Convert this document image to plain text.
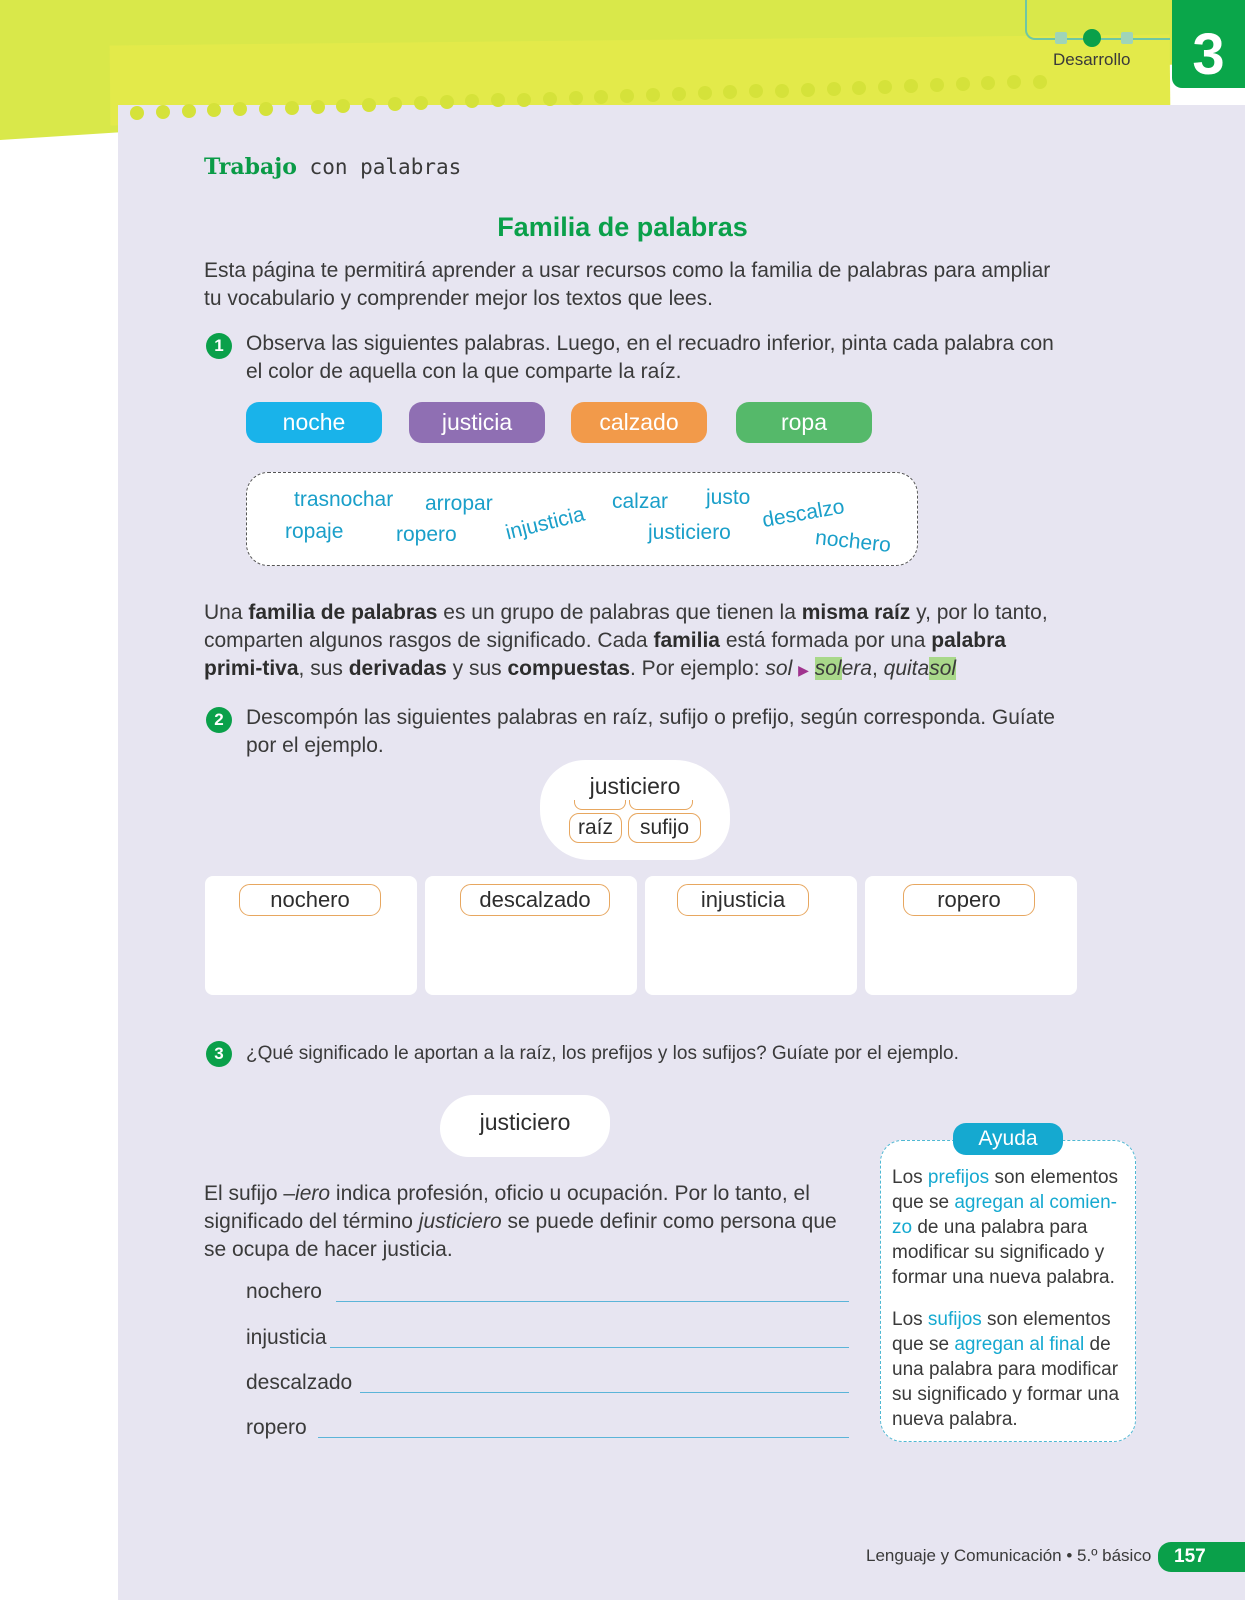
Desarrollo	3
Trabajo con palabras
Familia de palabras
Esta página te permitirá aprender a usar recursos como la familia de palabras para ampliar tu vocabulario y comprender mejor los textos que lees.
1	Observa las siguientes palabras. Luego, en el recuadro inferior, pinta cada palabra con el color de aquella con la que comparte la raíz.
noche	justicia	calzado	ropa
trasnochar arropar	calzar justo descalzo
ropaje	ropero injusticia	justiciero	nochero
Una familia de palabras es un grupo de palabras que tienen la misma raíz y, por lo tanto, comparten algunos rasgos de significado. Cada familia está formada por una palabra primi-tiva, sus derivadas y sus compuestas. Por ejemplo: sol ▶ solera, quitasol
2	Descompón las siguientes palabras en raíz, sufijo o prefijo, según corresponda. Guíate por el ejemplo.
justiciero
raíz	sufijo
nochero	descalzado	injusticia	ropero
3	¿Qué significado le aportan a la raíz, los prefijos y los sufijos? Guíate por el ejemplo.
justiciero
El sufijo –iero indica profesión, oficio u ocupación. Por lo tanto, el significado del término justiciero se puede definir como persona que se ocupa de hacer justicia.
nochero
injusticia
descalzado
ropero
Ayuda
Los prefijos son elementos que se agregan al comien-zo de una palabra para modificar su significado y formar una nueva palabra.
Los sufijos son elementos que se agregan al final de una palabra para modificar su significado y formar una nueva palabra.
Lenguaje y Comunicación • 5.º básico	157
